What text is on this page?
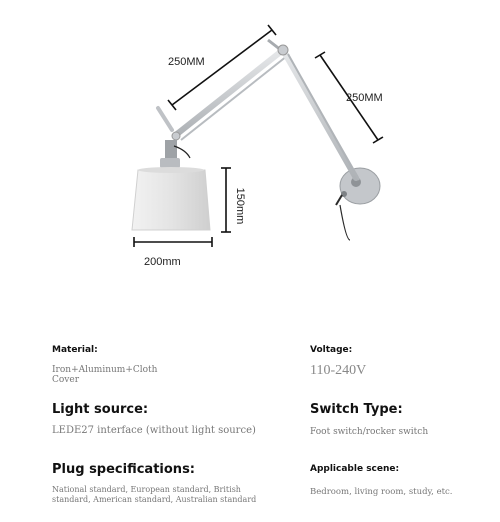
250MM
250MM
150mm
200mm
Material:
Iron+Aluminum+Cloth Cover
Voltage:
110-240V
Light source:
LEDE27 interface (without light source)
Switch Type:
Foot switch/rocker switch
Plug specifications:
National standard, European standard, British standard, American standard, Australian standard
Applicable scene:
Bedroom, living room, study, etc.
